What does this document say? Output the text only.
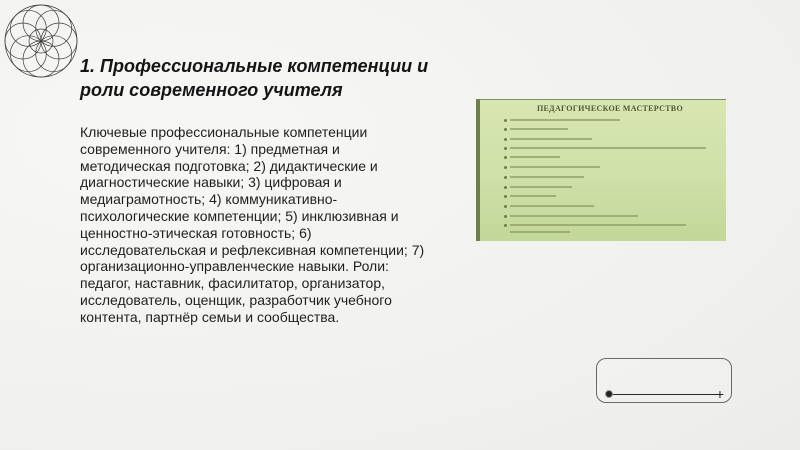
1. Профессиональные компетенции и роли современного учителя

Ключевые профессиональные компетенции современного учителя: 1) предметная и методическая подготовка; 2) дидактические и диагностические навыки; 3) цифровая и медиаграмотность; 4) коммуникативно-психологические компетенции; 5) инклюзивная и ценностно-этическая готовность; 6) исследовательская и рефлексивная компетенции; 7) организационно-управленческие навыки. Роли: педагог, наставник, фасилитатор, организатор, исследователь, оценщик, разработчик учебного контента, партнёр семьи и сообщества.

ПЕДАГОГИЧЕСКОЕ МАСТЕРСТВО
+
